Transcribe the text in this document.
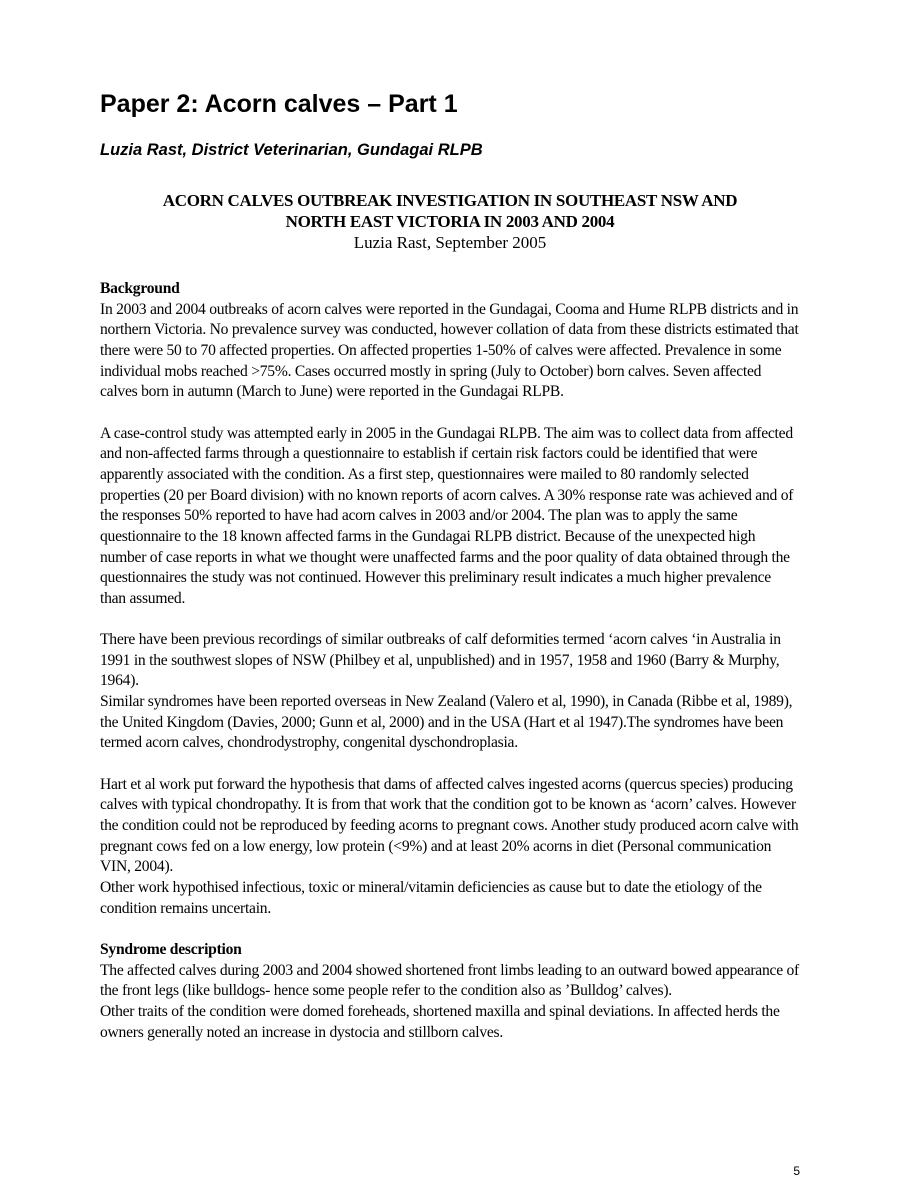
Paper 2: Acorn calves – Part 1

Luzia Rast, District Veterinarian, Gundagai RLPB

ACORN CALVES OUTBREAK INVESTIGATION IN SOUTHEAST NSW AND

NORTH EAST VICTORIA IN 2003 AND 2004

Luzia Rast, September 2005

Background

In 2003 and 2004 outbreaks of acorn calves were reported in the Gundagai, Cooma and Hume RLPB districts and in northern Victoria. No prevalence survey was conducted, however collation of data from these districts estimated that there were 50 to 70 affected properties. On affected properties 1-50% of calves were affected. Prevalence in some individual mobs reached >75%. Cases occurred mostly in spring (July to October) born calves. Seven affected calves born in autumn (March to June) were reported in the Gundagai RLPB.

A case-control study was attempted early in 2005 in the Gundagai RLPB. The aim was to collect data from affected and non-affected farms through a questionnaire to establish if certain risk factors could be identified that were apparently associated with the condition. As a first step, questionnaires were mailed to 80 randomly selected properties (20 per Board division) with no known reports of acorn calves. A 30% response rate was achieved and of the responses 50% reported to have had acorn calves in 2003 and/or 2004. The plan was to apply the same questionnaire to the 18 known affected farms in the Gundagai RLPB district. Because of the unexpected high number of case reports in what we thought were unaffected farms and the poor quality of data obtained through the questionnaires the study was not continued. However this preliminary result indicates a much higher prevalence than assumed.

There have been previous recordings of similar outbreaks of calf deformities termed ‘acorn calves ‘in Australia in 1991 in the southwest slopes of NSW (Philbey et al, unpublished) and in 1957, 1958 and 1960 (Barry & Murphy, 1964).

Similar syndromes have been reported overseas in New Zealand (Valero et al, 1990), in Canada (Ribbe et al, 1989), the United Kingdom (Davies, 2000; Gunn et al, 2000) and in the USA (Hart et al 1947).The syndromes have been termed acorn calves, chondrodystrophy, congenital dyschondroplasia.

Hart et al work put forward the hypothesis that dams of affected calves ingested acorns (quercus species) producing calves with typical chondropathy. It is from that work that the condition got to be known as ‘acorn’ calves. However the condition could not be reproduced by feeding acorns to pregnant cows. Another study produced acorn calve with pregnant cows fed on a low energy, low protein (<9%) and at least 20% acorns in diet (Personal communication VIN, 2004).

Other work hypothised infectious, toxic or mineral/vitamin deficiencies as cause but to date the etiology of the condition remains uncertain.

Syndrome description

The affected calves during 2003 and 2004 showed shortened front limbs leading to an outward bowed appearance of the front legs (like bulldogs- hence some people refer to the condition also as ’Bulldog’ calves).

Other traits of the condition were domed foreheads, shortened maxilla and spinal deviations. In affected herds the owners generally noted an increase in dystocia and stillborn calves.

5
